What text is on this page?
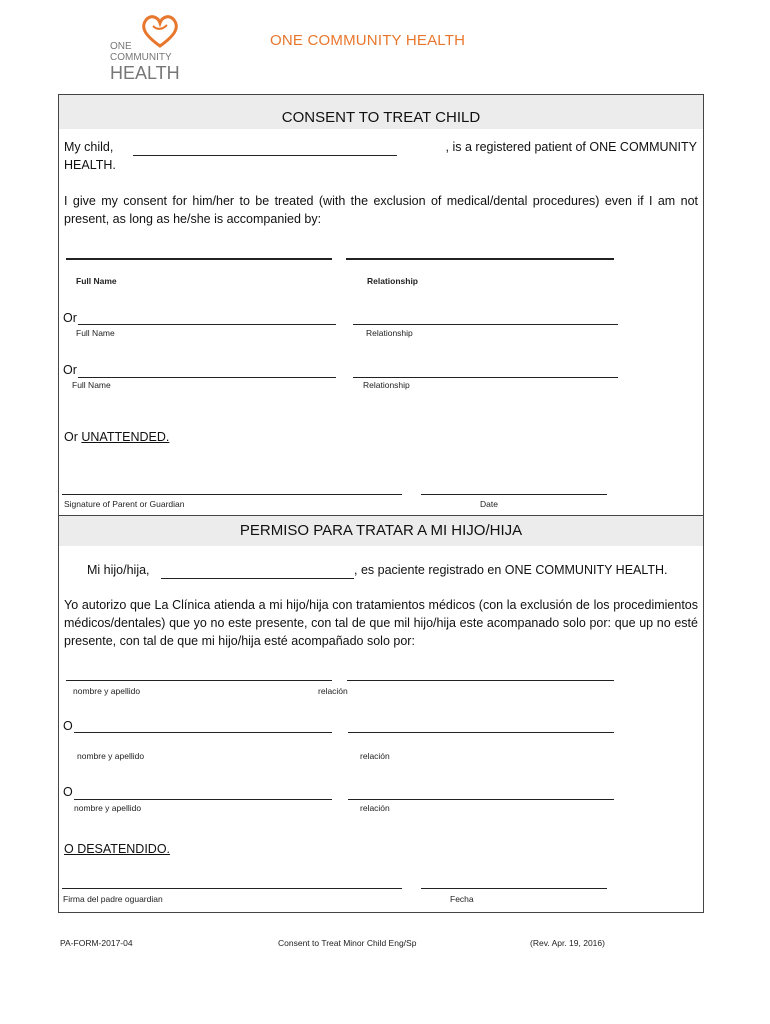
ONE
COMMUNITY
HEALTH
ONE COMMUNITY HEALTH
CONSENT TO TREAT CHILD
My child,	, is a registered patient of ONE COMMUNITY
HEALTH.
I give my consent for him/her to be treated (with the exclusion of medical/dental procedures) even if I am not present, as long as he/she is accompanied by:
Full Name	Relationship
Or
Full Name	Relationship
Or
Full Name	Relationship
Or UNATTENDED.
Signature of Parent or Guardian	Date
PERMISO PARA TRATAR A MI HIJO/HIJA
Mi hijo/hija,	, es paciente registrado en ONE COMMUNITY HEALTH.
Yo autorizo que La Clínica atienda a mi hijo/hija con tratamientos médicos (con la exclusión de los procedimientos médicos/dentales) que yo no este presente, con tal de que mil hijo/hija este acompanado solo por: que up no esté presente, con tal de que mi hijo/hija esté acompañado solo por:
nombre y apellido	relación
O
nombre y apellido	relación
O
nombre y apellido	relación
O DESATENDIDO.
Firma del padre oguardian	Fecha
PA-FORM-2017-04	Consent to Treat Minor Child Eng/Sp	(Rev. Apr. 19, 2016)
